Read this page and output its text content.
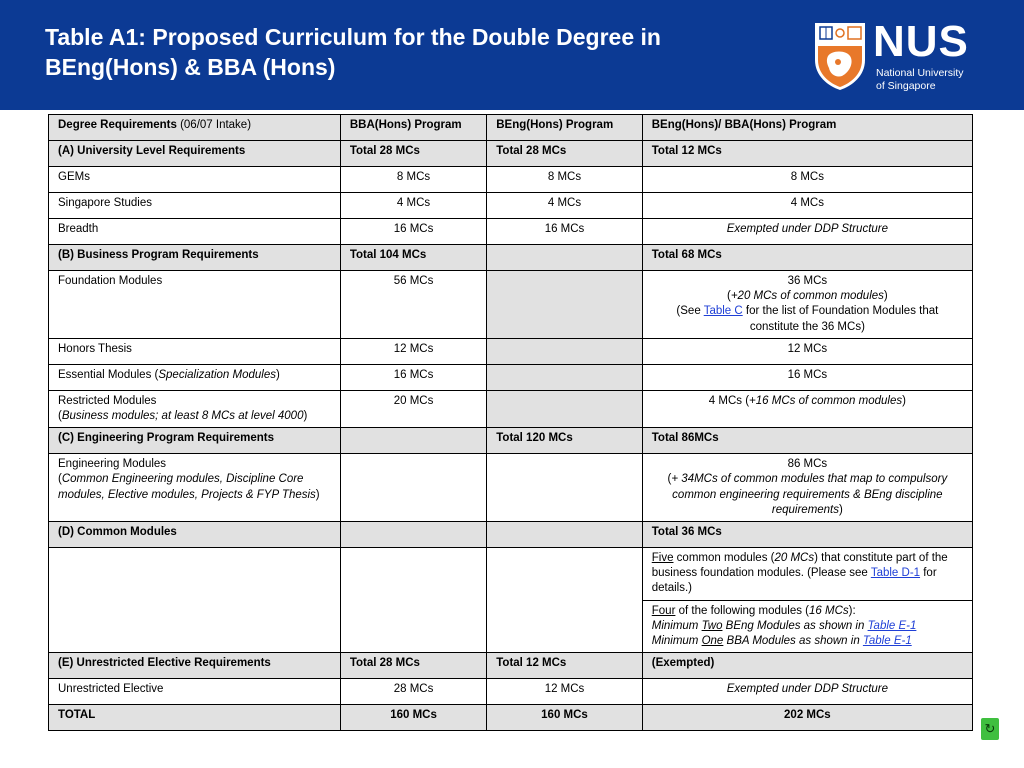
Table A1: Proposed Curriculum for the Double Degree in
BEng(Hons) & BBA (Hons)
NUS
National University
of Singapore
Degree Requirements (06/07 Intake)	BBA(Hons) Program	BEng(Hons) Program	BEng(Hons)/ BBA(Hons) Program
(A) University Level Requirements	Total 28 MCs	Total 28 MCs	Total 12 MCs
GEMs	8 MCs	8 MCs	8 MCs
Singapore Studies	4 MCs	4 MCs	4 MCs
Breadth	16 MCs	16 MCs	Exempted under DDP Structure
(B) Business Program Requirements	Total 104 MCs		Total 68 MCs
Foundation Modules	56 MCs		36 MCs
(+20 MCs of common modules)
(See Table C for the list of Foundation Modules that constitute the 36 MCs)
Honors Thesis	12 MCs		12 MCs
Essential Modules (Specialization Modules)	16 MCs		16 MCs
Restricted Modules
(Business modules; at least 8 MCs at level 4000)	20 MCs		4 MCs (+16 MCs of common modules)
(C) Engineering Program Requirements		Total 120 MCs	Total 86MCs
Engineering Modules
(Common Engineering modules, Discipline Core modules, Elective modules, Projects & FYP Thesis)			86 MCs
(+ 34MCs of common modules that map to compulsory common engineering requirements & BEng discipline requirements)
(D) Common Modules			Total 36 MCs
			Five common modules (20 MCs) that constitute part of the business foundation modules. (Please see Table D-1 for details.)
			Four of the following modules (16 MCs):
Minimum Two BEng Modules as shown in Table E-1
Minimum One BBA Modules as shown in Table E-1
(E) Unrestricted Elective Requirements	Total 28 MCs	Total 12 MCs	(Exempted)
Unrestricted Elective	28 MCs	12 MCs	Exempted under DDP Structure
TOTAL	160 MCs	160 MCs	202 MCs
↻
